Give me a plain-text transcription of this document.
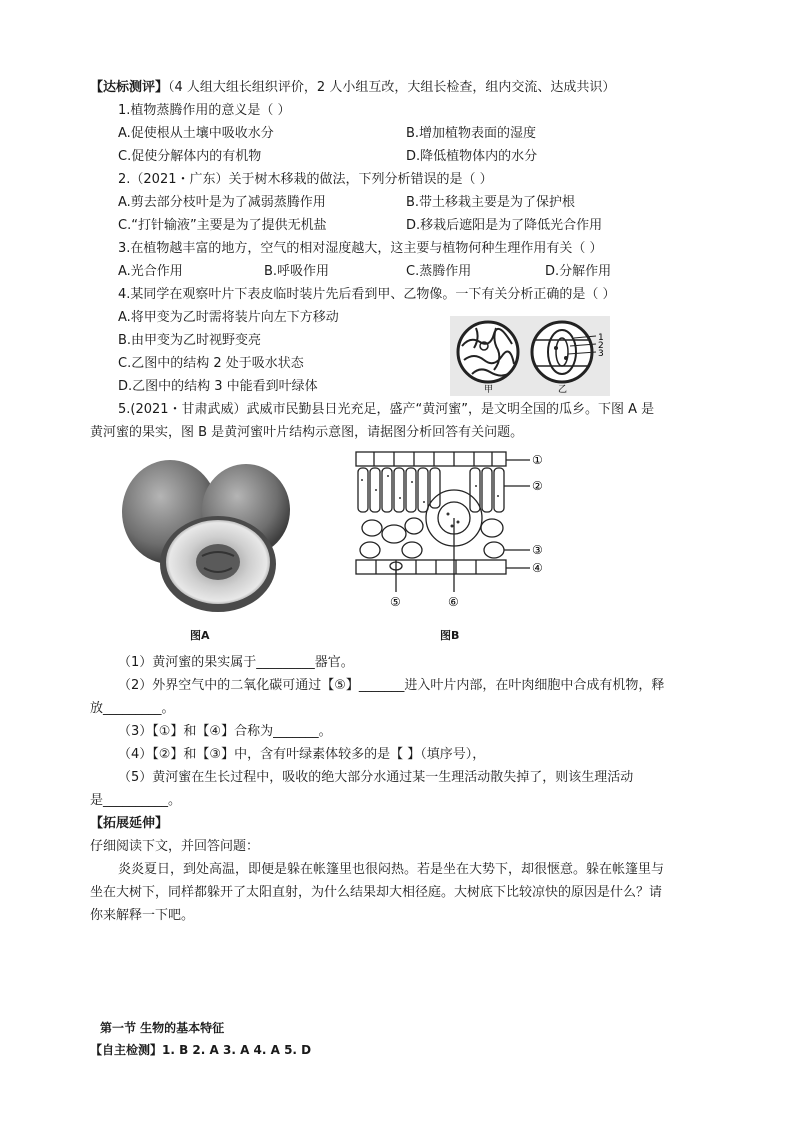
【达标测评】（4 人组大组长组织评价，2 人小组互改，大组长检查，组内交流、达成共识）
1.植物蒸腾作用的意义是（ ）
A.促使根从土壤中吸收水分	B.增加植物表面的湿度
C.促使分解体内的有机物	D.降低植物体内的水分
2.（2021・广东）关于树木移栽的做法，下列分析错误的是（ ）
A.剪去部分枝叶是为了减弱蒸腾作用	B.带土移栽主要是为了保护根
C.“打针输液”主要是为了提供无机盐	D.移栽后遮阳是为了降低光合作用
3.在植物越丰富的地方，空气的相对湿度越大，这主要与植物何种生理作用有关（ ）
A.光合作用	B.呼吸作用	C.蒸腾作用	D.分解作用
4.某同学在观察叶片下表皮临时装片先后看到甲、乙物像。一下有关分析正确的是（ ）
A.将甲变为乙时需将装片向左下方移动
B.由甲变为乙时视野变亮
C.乙图中的结构 2 处于吸水状态
D.乙图中的结构 3 中能看到叶绿体
1
2
3
甲	乙
5.(2021・甘肃武威）武威市民勤县日光充足，盛产“黄河蜜”，是文明全国的瓜乡。下图 A 是
黄河蜜的果实，图 B 是黄河蜜叶片结构示意图，请据图分析回答有关问题。
图A
①
②
③
④
⑤	⑥
图B
（1）黄河蜜的果实属于_________器官。
（2）外界空气中的二氧化碳可通过【⑤】_______进入叶片内部，在叶肉细胞中合成有机物，释
放_________。
（3）【①】和【④】合称为_______。
（4）【②】和【③】中，含有叶绿素体较多的是【 】（填序号），
（5）黄河蜜在生长过程中，吸收的绝大部分水通过某一生理活动散失掉了，则该生理活动
是__________。
【拓展延伸】
仔细阅读下文，并回答问题：
炎炎夏日，到处高温，即便是躲在帐篷里也很闷热。若是坐在大势下，却很惬意。躲在帐篷里与
坐在大树下，同样都躲开了太阳直射，为什么结果却大相径庭。大树底下比较凉快的原因是什么？请
你来解释一下吧。
第一节 生物的基本特征
【自主检测】1. B 2. A 3. A 4. A 5. D
